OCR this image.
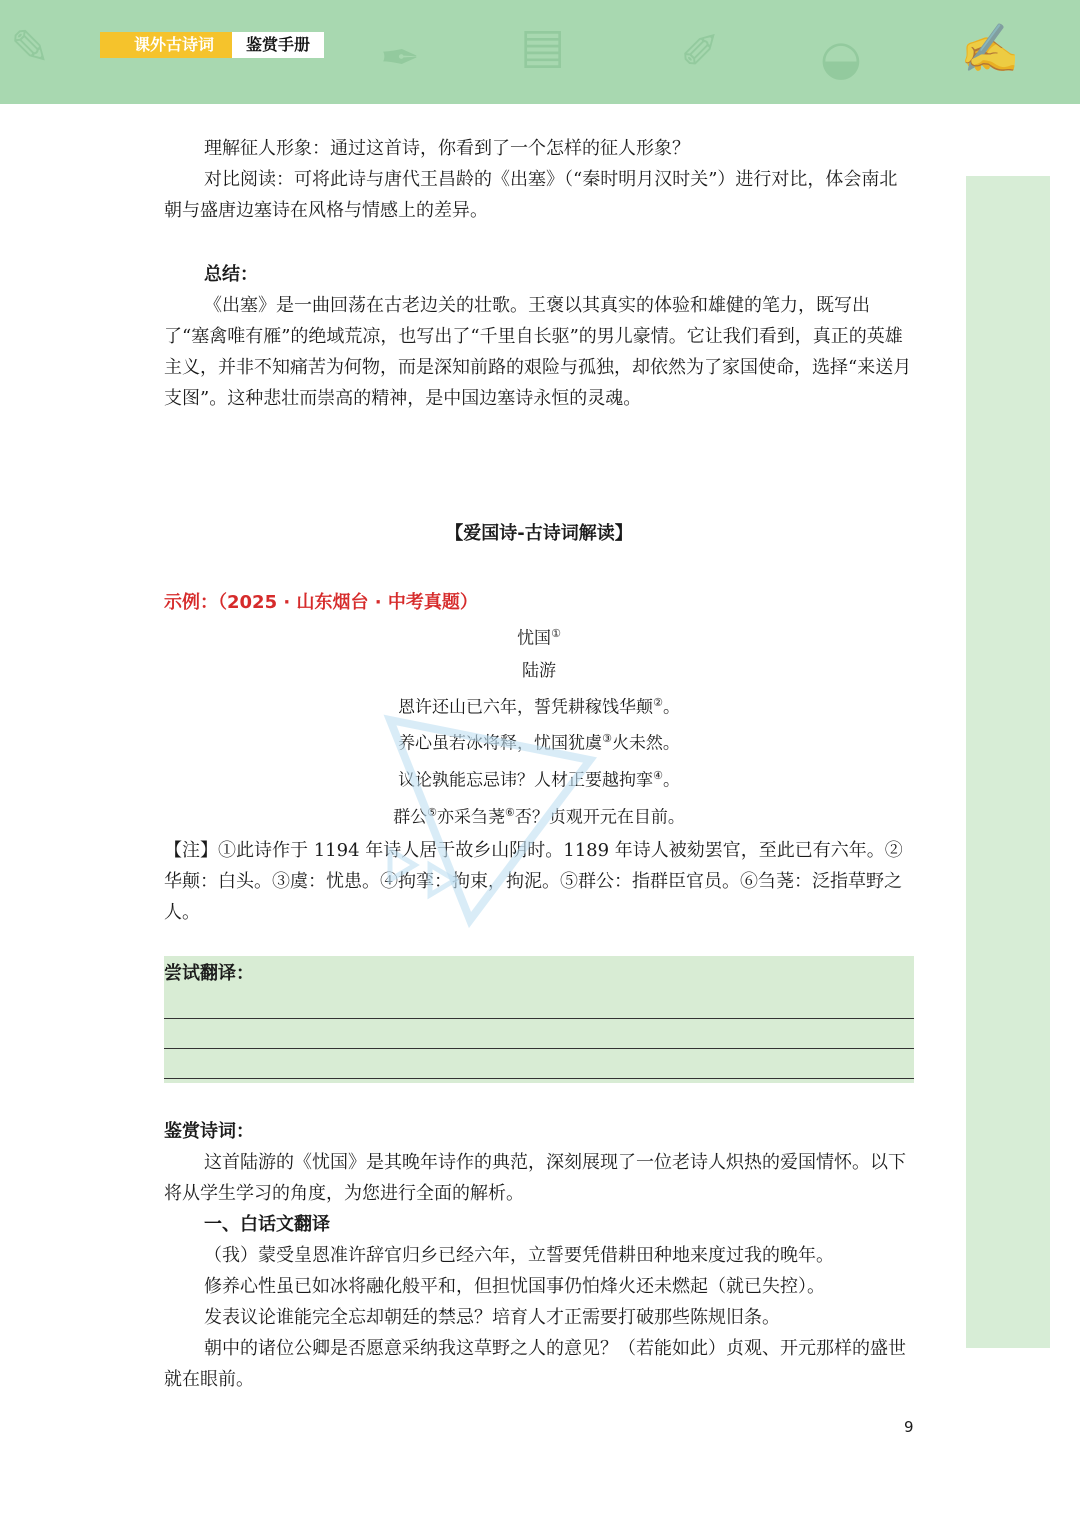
✎	✒ ▤ ✐ ◒ ✍
课外古诗词	鉴赏手册

理解征人形象：通过这首诗，你看到了一个怎样的征人形象？

对比阅读：可将此诗与唐代王昌龄的《出塞》（“秦时明月汉时关”）进行对比，体会南北朝与盛唐边塞诗在风格与情感上的差异。

总结：

《出塞》是一曲回荡在古老边关的壮歌。王褒以其真实的体验和雄健的笔力，既写出了“塞禽唯有雁”的绝域荒凉，也写出了“千里自长驱”的男儿豪情。它让我们看到，真正的英雄主义，并非不知痛苦为何物，而是深知前路的艰险与孤独，却依然为了家国使命，选择“来送月支图”。这种悲壮而崇高的精神，是中国边塞诗永恒的灵魂。

【爱国诗-古诗词解读】

示例：（2025 · 山东烟台 · 中考真题）

忧国①
陆游
恩许还山已六年，誓凭耕稼饯华颠②。
养心虽若冰将释，忧国犹虞③火未然。
议论孰能忘忌讳？人材正要越拘挛④。
群公⑤亦采刍荛⑥否？贞观开元在目前。

【注】①此诗作于 1194 年诗人居于故乡山阴时。1189 年诗人被劾罢官，至此已有六年。②华颠：白头。③虞：忧患。④拘挛：拘束，拘泥。⑤群公：指群臣官员。⑥刍荛：泛指草野之人。

尝试翻译：

鉴赏诗词：

这首陆游的《忧国》是其晚年诗作的典范，深刻展现了一位老诗人炽热的爱国情怀。以下将从学生学习的角度，为您进行全面的解析。

一、白话文翻译

（我）蒙受皇恩准许辞官归乡已经六年，立誓要凭借耕田种地来度过我的晚年。

修养心性虽已如冰将融化般平和，但担忧国事仍怕烽火还未燃起（就已失控）。

发表议论谁能完全忘却朝廷的禁忌？培育人才正需要打破那些陈规旧条。

朝中的诸位公卿是否愿意采纳我这草野之人的意见？（若能如此）贞观、开元那样的盛世就在眼前。

9
